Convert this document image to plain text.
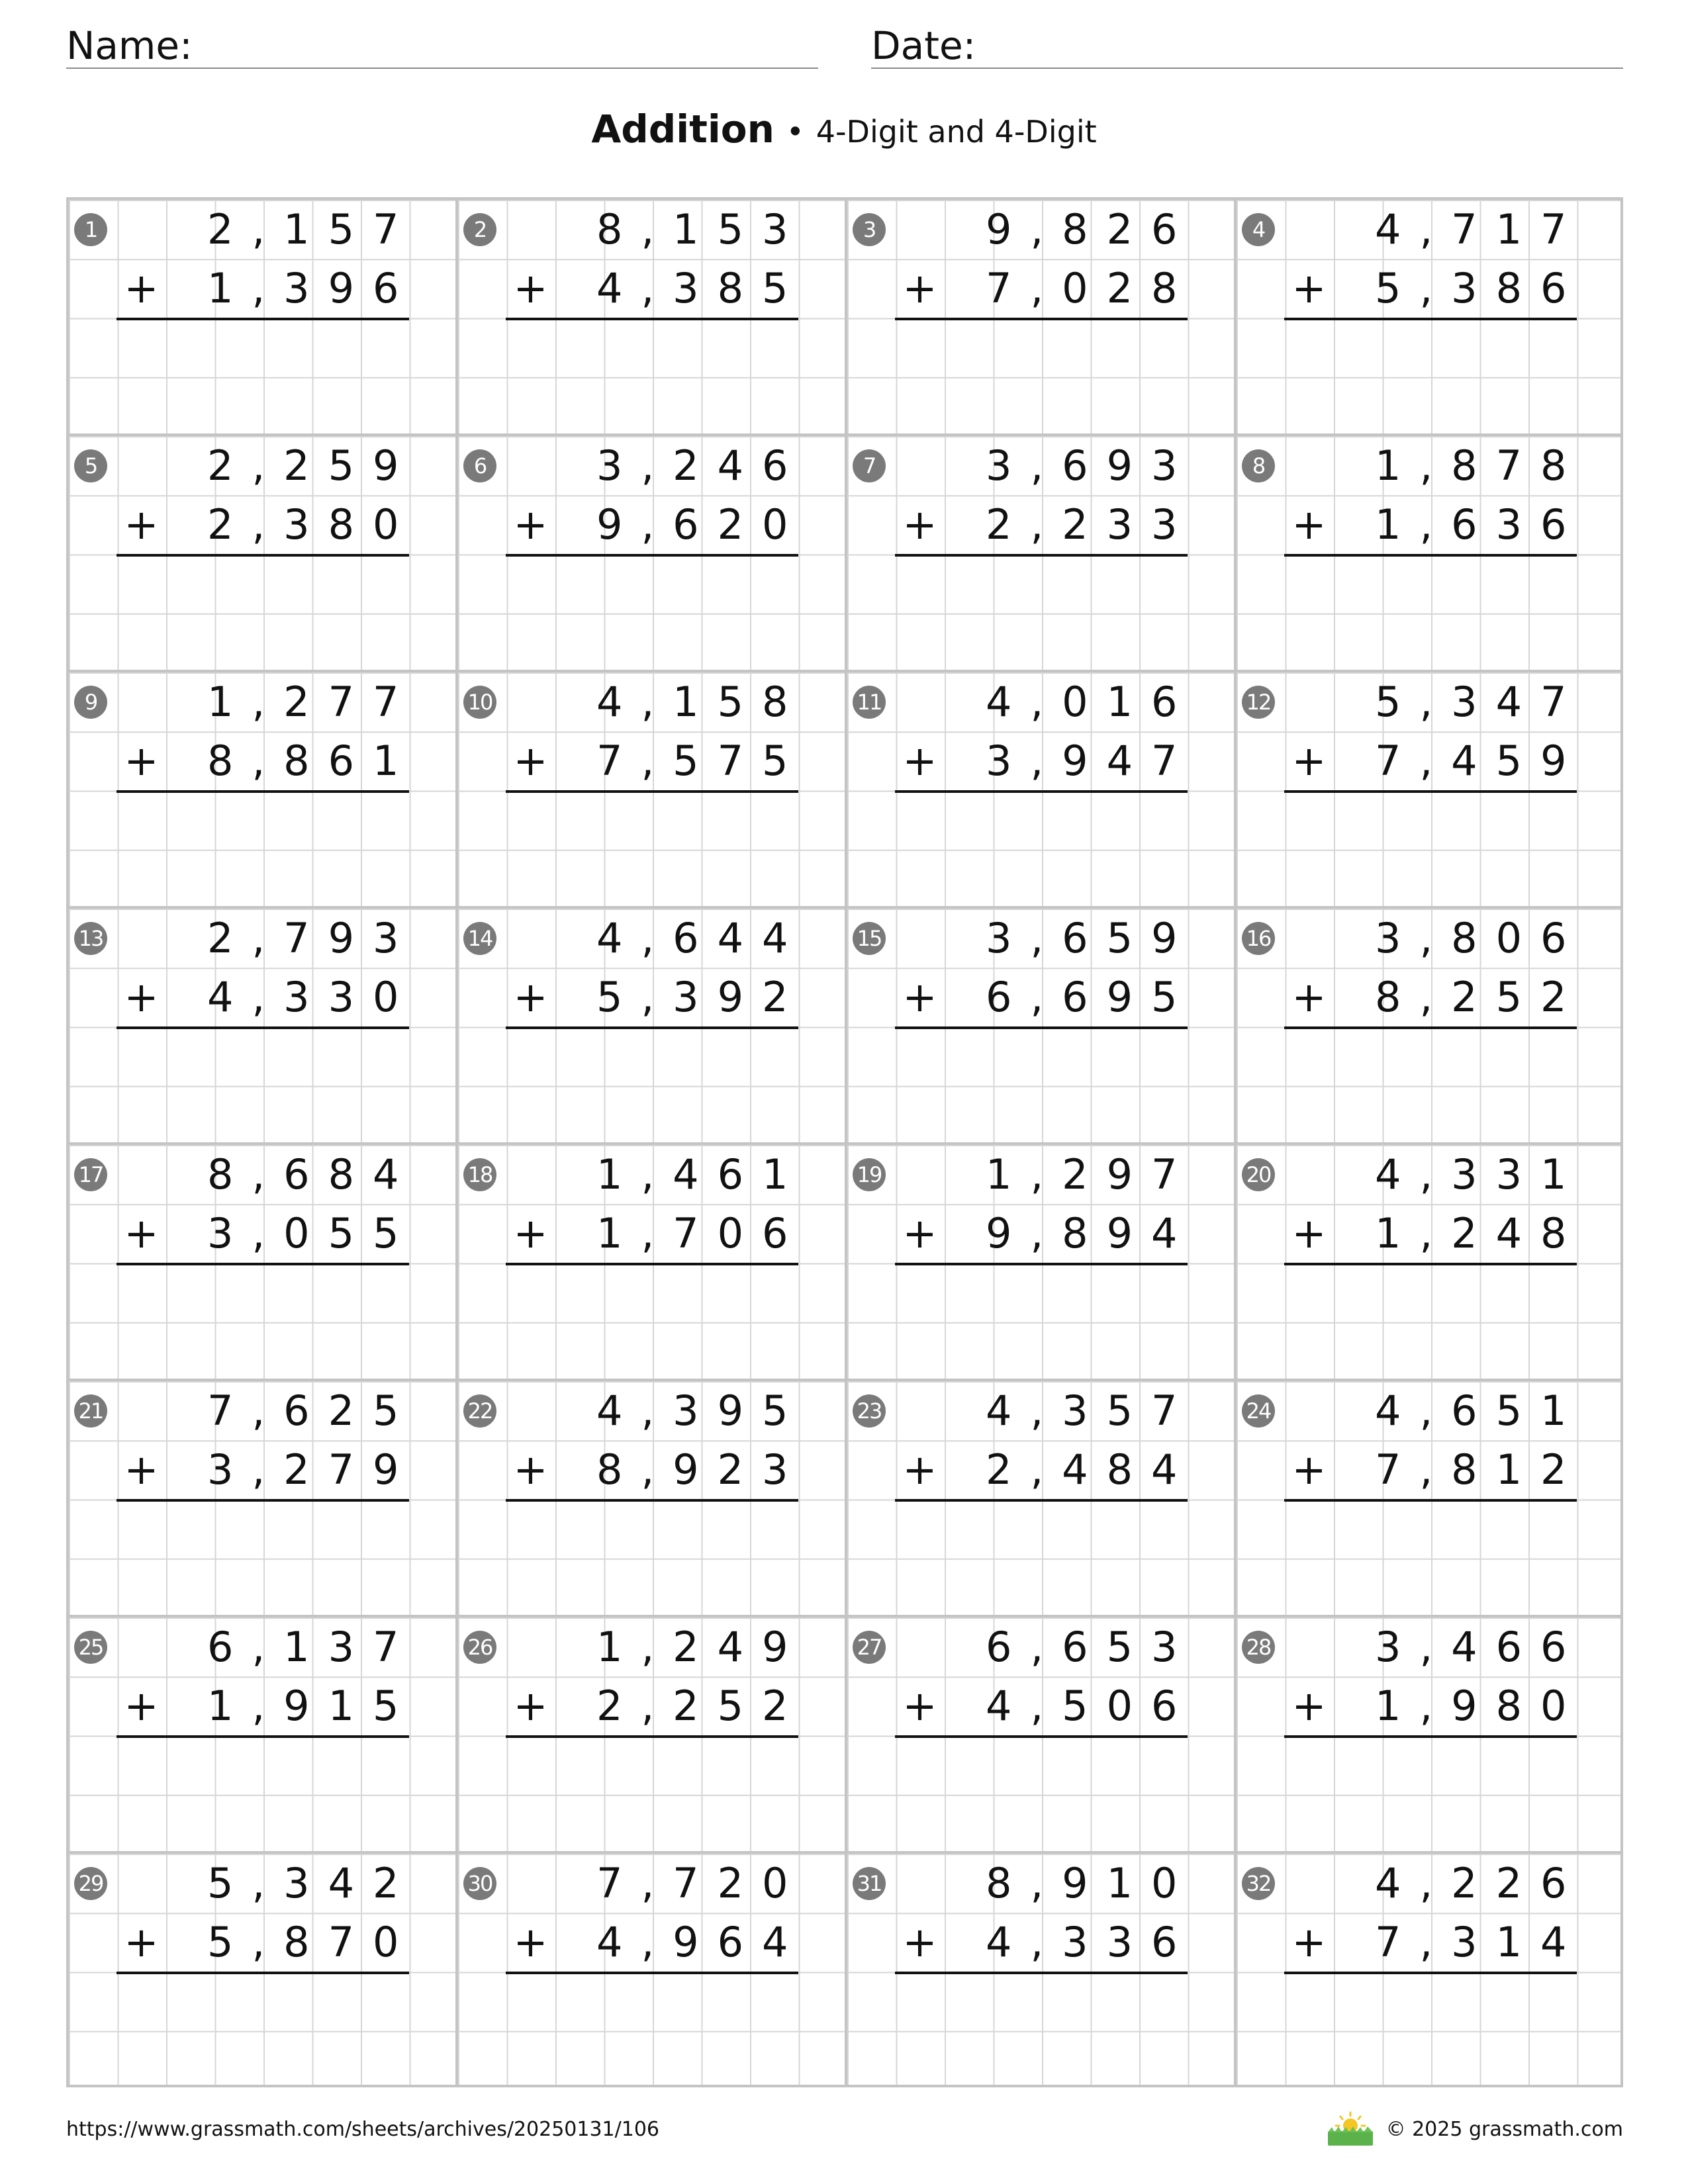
Name:	Date:
Addition • 4-Digit and 4-Digit
1	2,157
+ 1,396
2	8,153
+ 4,385
3	9,826
+ 7,028
4	4,717
+ 5,386
5	2,259
+ 2,380
6	3,246
+ 9,620
7	3,693
+ 2,233
8	1,878
+ 1,636
9	1,277
+ 8,861
10	4,158
+ 7,575
11	4,016
+ 3,947
12	5,347
+ 7,459
13	2,793
+ 4,330
14	4,644
+ 5,392
15	3,659
+ 6,695
16	3,806
+ 8,252
17	8,684
+ 3,055
18	1,461
+ 1,706
19	1,297
+ 9,894
20	4,331
+ 1,248
21	7,625
+ 3,279
22	4,395
+ 8,923
23	4,357
+ 2,484
24	4,651
+ 7,812
25	6,137
+ 1,915
26	1,249
+ 2,252
27	6,653
+ 4,506
28	3,466
+ 1,980
29	5,342
+ 5,870
30	7,720
+ 4,964
31	8,910
+ 4,336
32	4,226
+ 7,314
https://www.grassmath.com/sheets/archives/20250131/106	© 2025 grassmath.com
